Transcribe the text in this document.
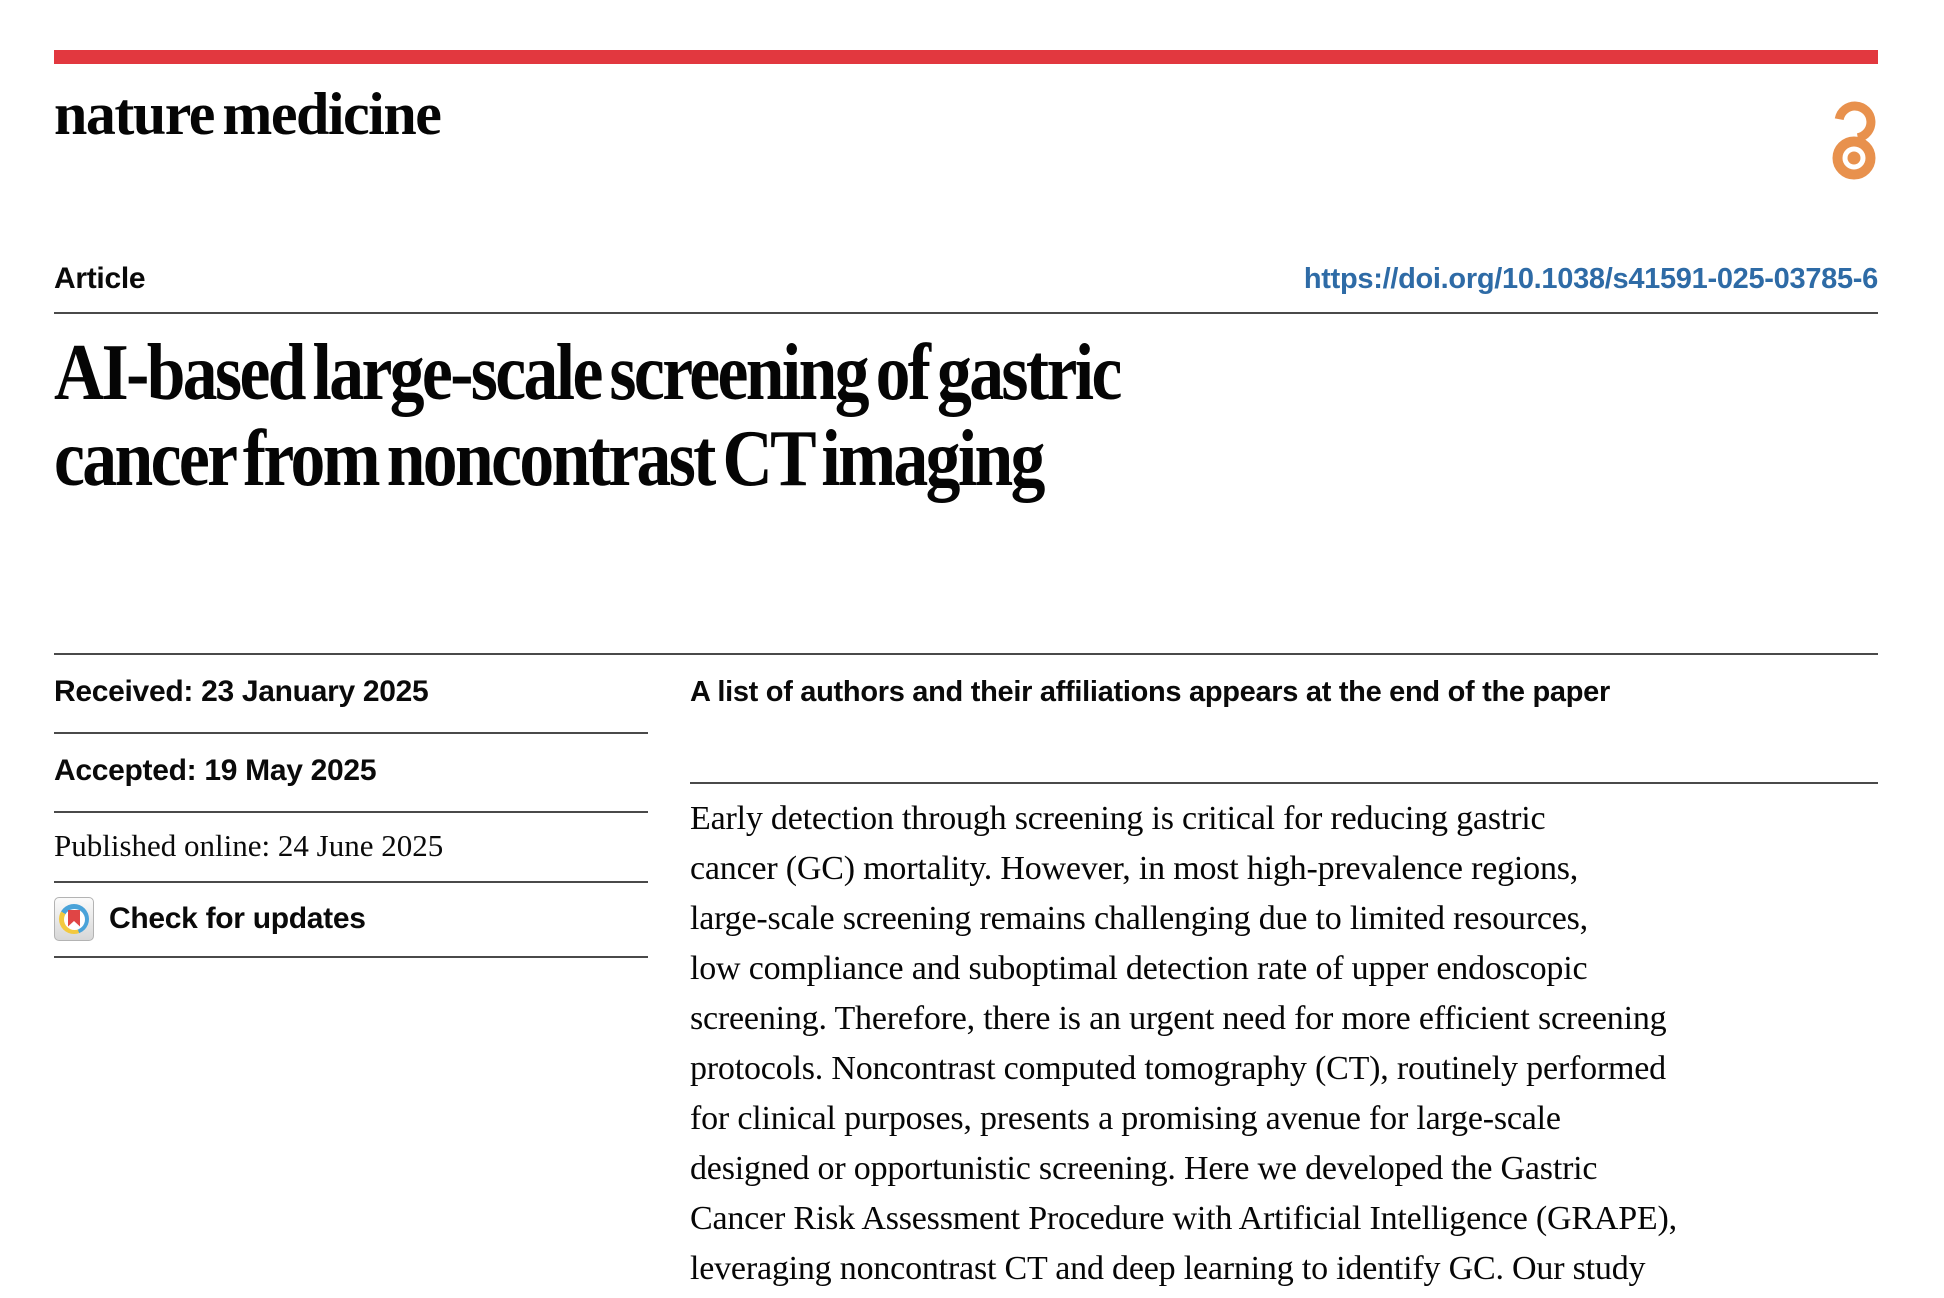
nature medicine
Article	https://doi.org/10.1038/s41591-025-03785-6
AI-based large-scale screening of gastric
cancer from noncontrast CT imaging
Received: 23 January 2025
Accepted: 19 May 2025
Published online: 24 June 2025
Check for updates
A list of authors and their affiliations appears at the end of the paper
Early detection through screening is critical for reducing gastric
cancer (GC) mortality. However, in most high-prevalence regions,
large-scale screening remains challenging due to limited resources,
low compliance and suboptimal detection rate of upper endoscopic
screening. Therefore, there is an urgent need for more efficient screening
protocols. Noncontrast computed tomography (CT), routinely performed
for clinical purposes, presents a promising avenue for large-scale
designed or opportunistic screening. Here we developed the Gastric
Cancer Risk Assessment Procedure with Artificial Intelligence (GRAPE),
leveraging noncontrast CT and deep learning to identify GC. Our study
